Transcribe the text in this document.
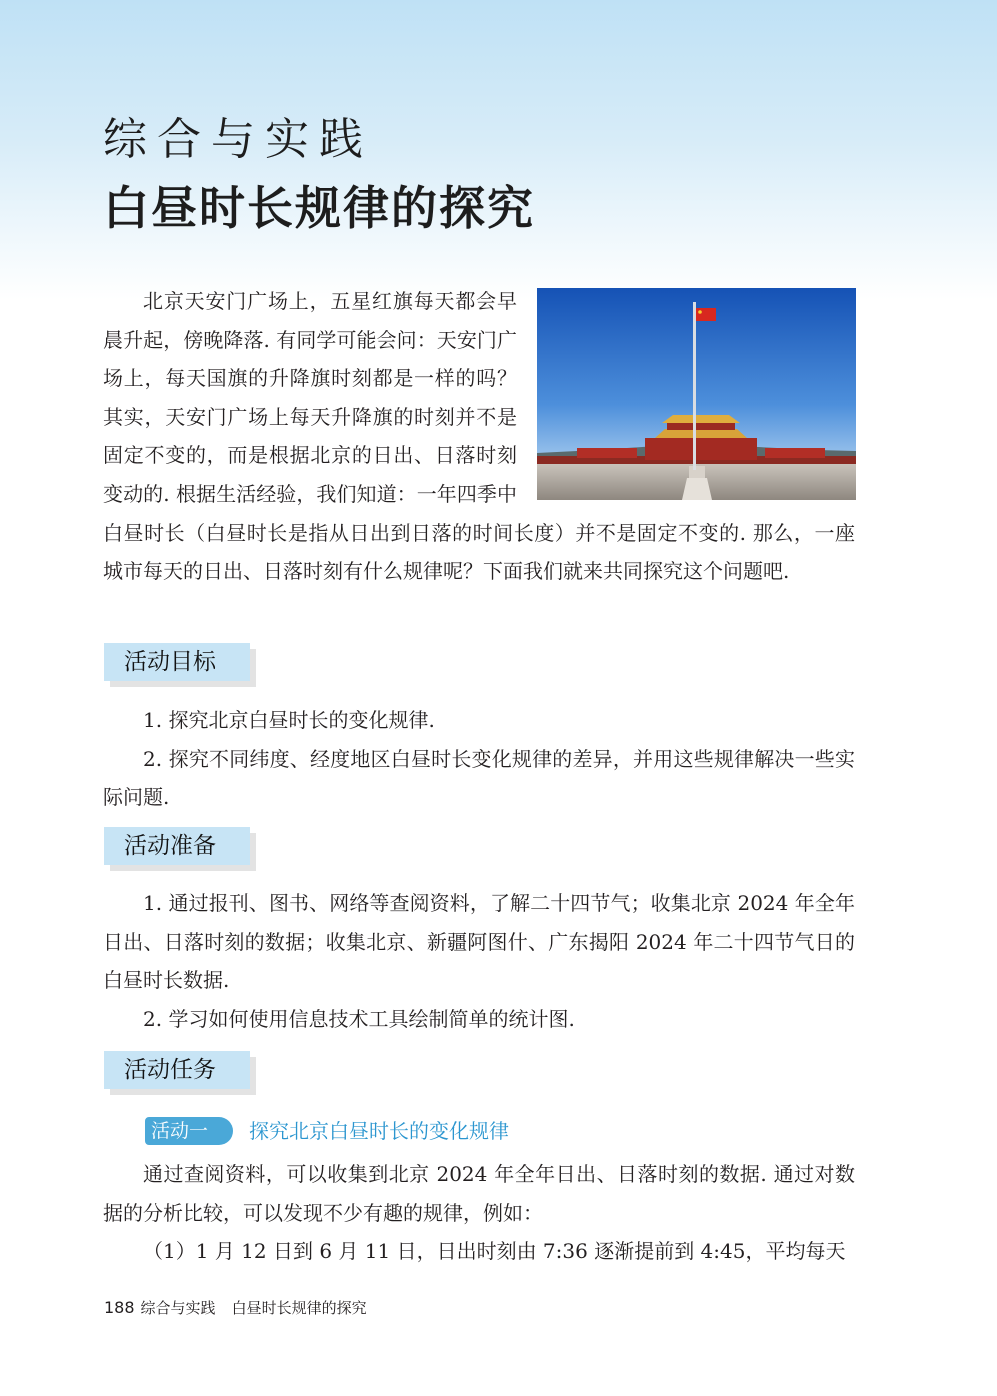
综合与实践
白昼时长规律的探究
北京天安门广场上，五星红旗每天都会早晨升起，傍晚降落. 有同学可能会问：天安门广场上，每天国旗的升降旗时刻都是一样的吗？其实，天安门广场上每天升降旗的时刻并不是固定不变的，而是根据北京的日出、日落时刻变动的. 根据生活经验，我们知道：一年四季中白昼时长（白昼时长是指从日出到日落的时间长度）并不是固定不变的. 那么，一座城市每天的日出、日落时刻有什么规律呢？下面我们就来共同探究这个问题吧.
活动目标
1. 探究北京白昼时长的变化规律.
2. 探究不同纬度、经度地区白昼时长变化规律的差异，并用这些规律解决一些实际问题.
活动准备
1. 通过报刊、图书、网络等查阅资料，了解二十四节气；收集北京 2024 年全年日出、日落时刻的数据；收集北京、新疆阿图什、广东揭阳 2024 年二十四节气日的白昼时长数据.
2. 学习如何使用信息技术工具绘制简单的统计图.
活动任务
活动一	探究北京白昼时长的变化规律
通过查阅资料，可以收集到北京 2024 年全年日出、日落时刻的数据. 通过对数据的分析比较，可以发现不少有趣的规律，例如：
（1）1 月 12 日到 6 月 11 日，日出时刻由 7:36 逐渐提前到 4:45，平均每天
188 综合与实践 白昼时长规律的探究
